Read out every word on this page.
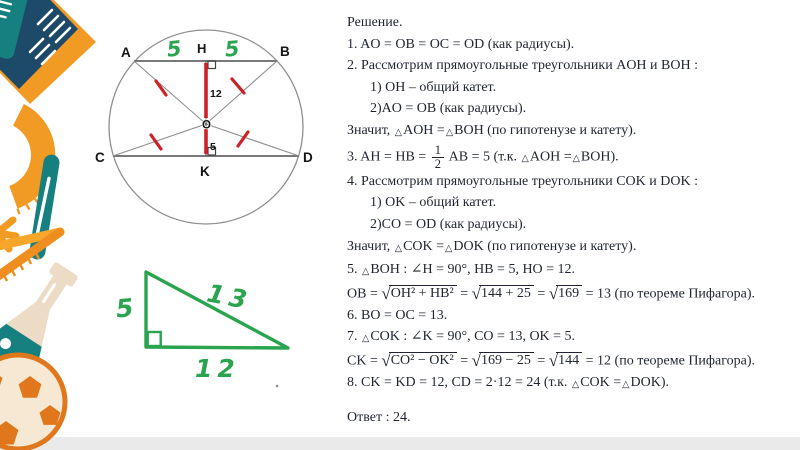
A	B
C	D
H
K
O
12
5
5 5
5	13
12
Решение.
1. AO = OB = OC = OD (как радиусы).
2. Рассмотрим прямоугольные треугольники AOH и BOH :
1) OH – общий катет.
2)AO = OB (как радиусы).
Значит, △AOH =△BOH (по гипотенузе и катету).
3. AH = HB = $\frac{1}{2}$ AB = 5 (т.к. △AOH =△BOH).
4. Рассмотрим прямоугольные треугольники COK и DOK :
1) OK – общий катет.
2)CO = OD (как радиусы).
Значит, △COK =△DOK (по гипотенузе и катету).
5. △BOH : ∠H = 90°, HB = 5, HO = 12.
OB = √OH² + HB² = √144 + 25 = √169 = 13 (по теореме Пифагора).
6. BO = OC = 13.
7. △COK : ∠K = 90°, CO = 13, OK = 5.
CK = √CO² − OK² = √169 − 25 = √144 = 12 (по теореме Пифагора).
8. CK = KD = 12, CD = 2·12 = 24 (т.к. △COK =△DOK).
Ответ : 24.
